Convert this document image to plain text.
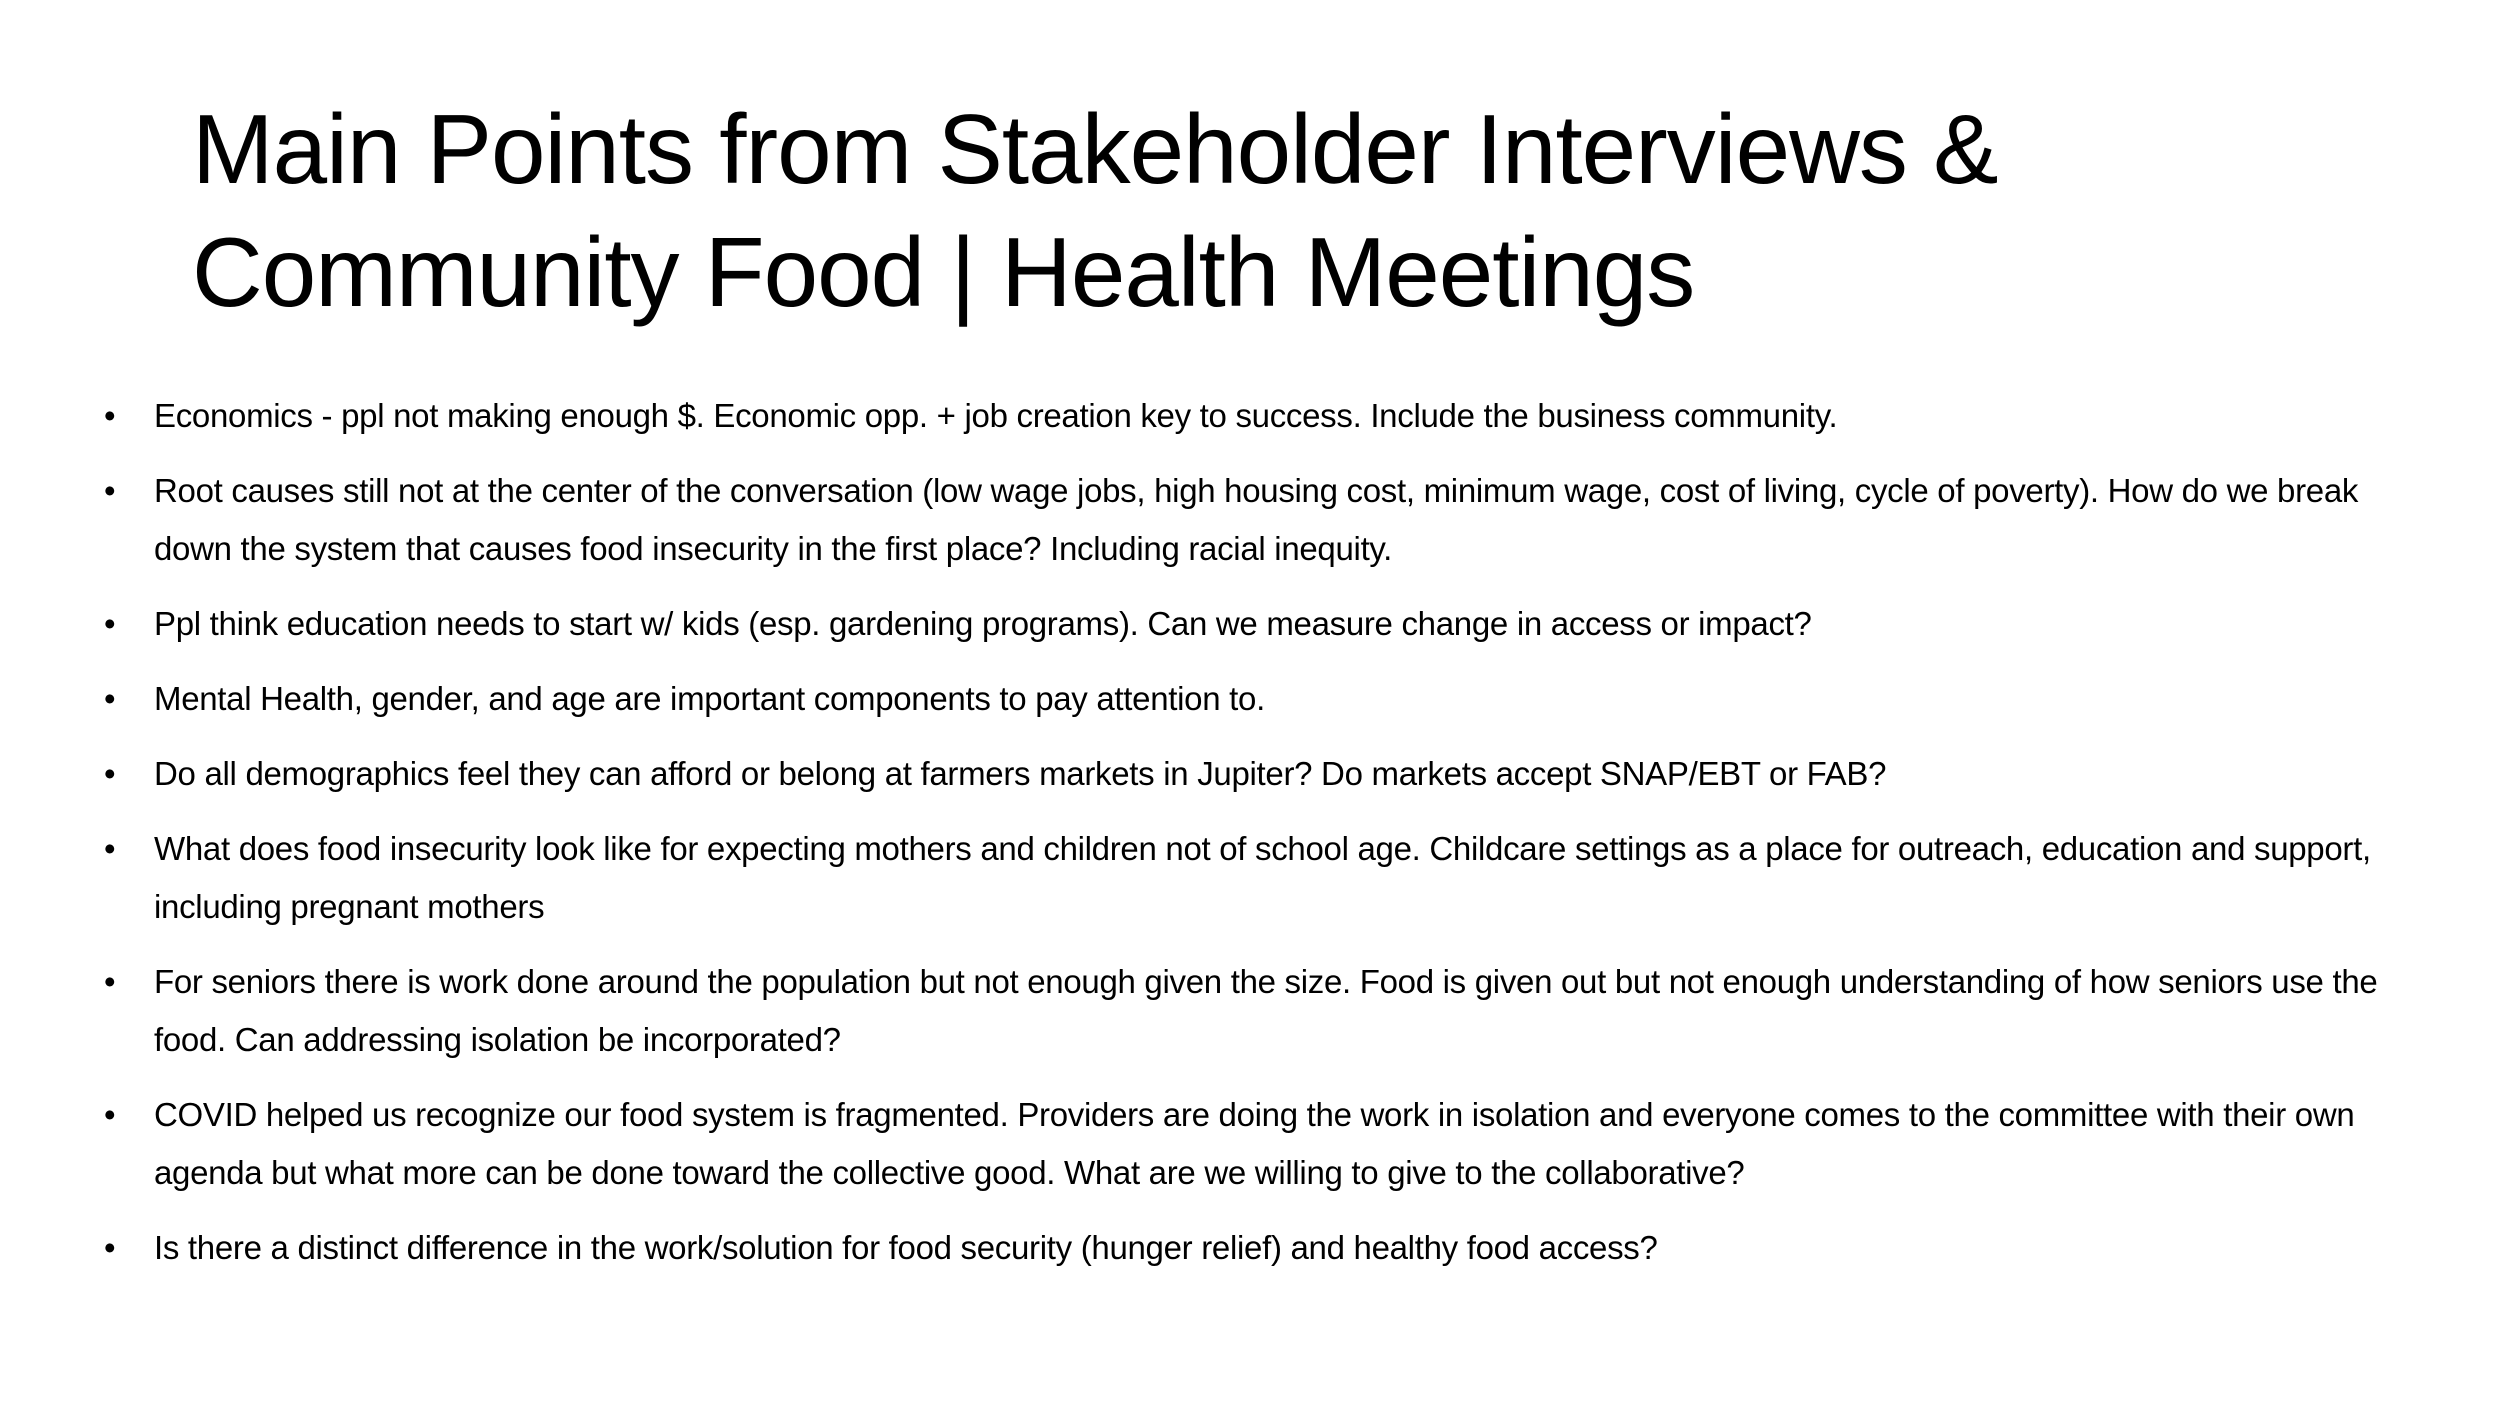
Main Points from Stakeholder Interviews &
Community Food | Health Meetings
• Economics - ppl not making enough $. Economic opp. + job creation key to success. Include the business community.
• Root causes still not at the center of the conversation (low wage jobs, high housing cost, minimum wage, cost of living, cycle of poverty). How do we break down the system that causes food insecurity in the first place? Including racial inequity.
• Ppl think education needs to start w/ kids (esp. gardening programs). Can we measure change in access or impact?
• Mental Health, gender, and age are important components to pay attention to.
• Do all demographics feel they can afford or belong at farmers markets in Jupiter? Do markets accept SNAP/EBT or FAB?
• What does food insecurity look like for expecting mothers and children not of school age. Childcare settings as a place for outreach, education and support, including pregnant mothers
• For seniors there is work done around the population but not enough given the size. Food is given out but not enough understanding of how seniors use the food. Can addressing isolation be incorporated?
• COVID helped us recognize our food system is fragmented. Providers are doing the work in isolation and everyone comes to the committee with their own agenda but what more can be done toward the collective good. What are we willing to give to the collaborative?
• Is there a distinct difference in the work/solution for food security (hunger relief) and healthy food access?
